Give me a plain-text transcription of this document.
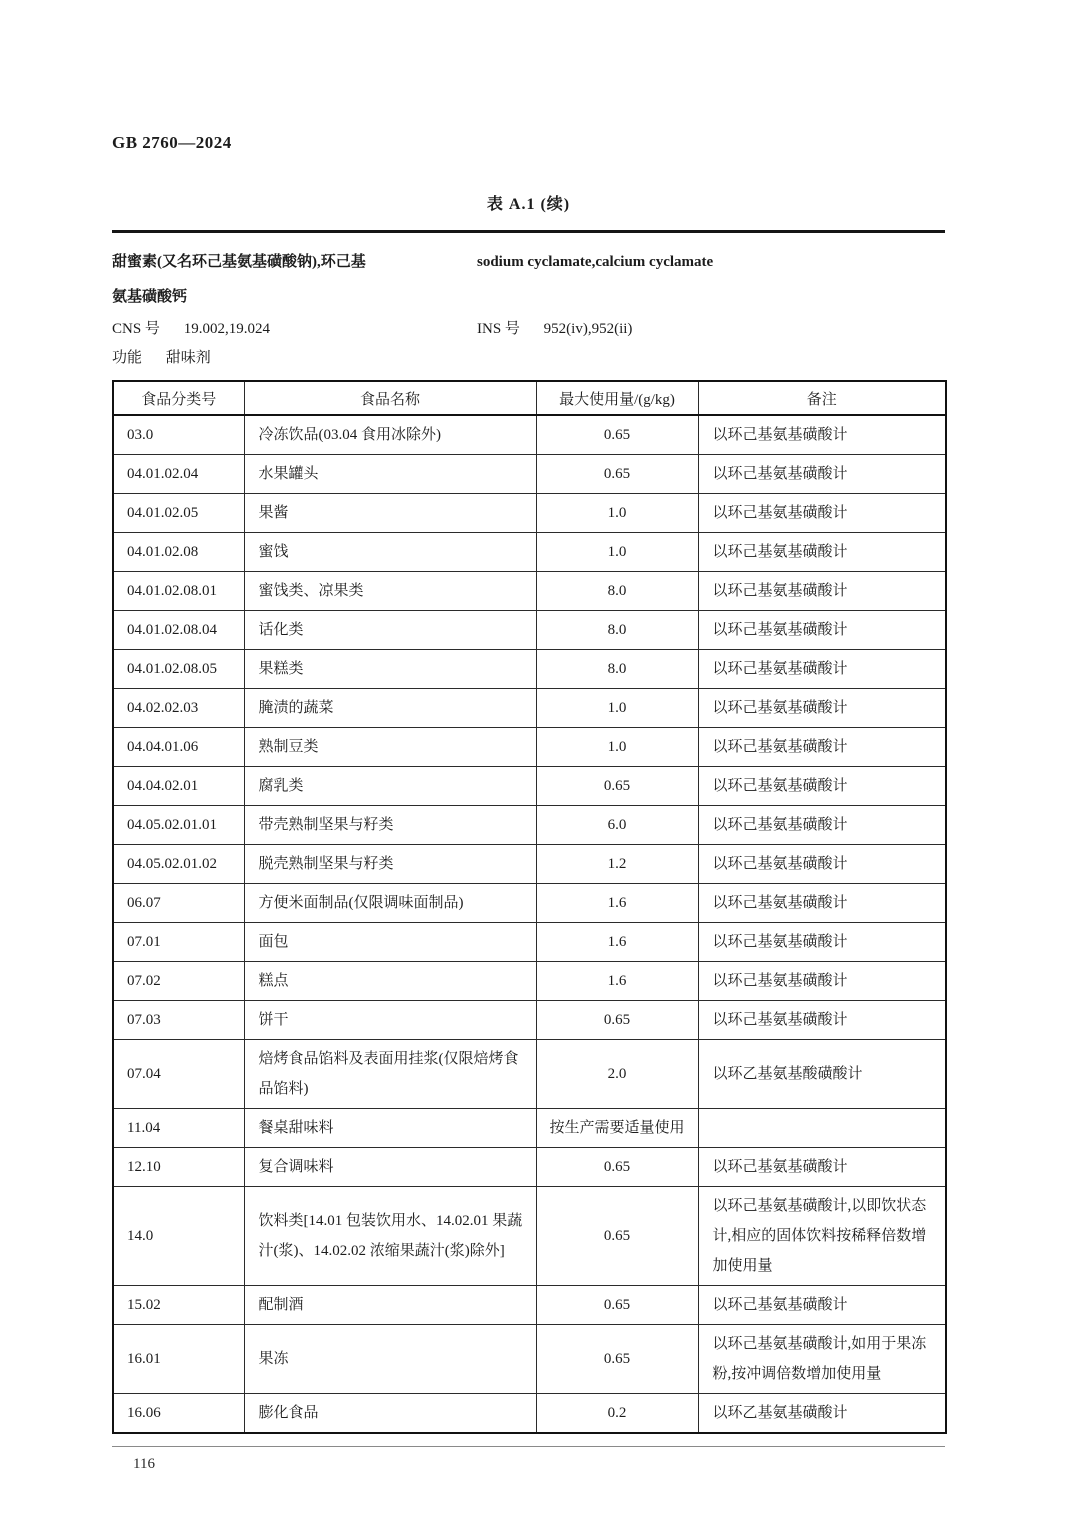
GB 2760—2024
表 A.1 (续)
甜蜜素(又名环己基氨基磺酸钠),环己基
氨基磺酸钙
sodium cyclamate,calcium cyclamate
CNS 号 19.002,19.024	INS 号 952(iv),952(ii)
功能 甜味剂
食品分类号	食品名称	最大使用量/(g/kg)	备注
03.0	冷冻饮品(03.04 食用冰除外)	0.65	以环己基氨基磺酸计
04.01.02.04	水果罐头	0.65	以环己基氨基磺酸计
04.01.02.05	果酱	1.0	以环己基氨基磺酸计
04.01.02.08	蜜饯	1.0	以环己基氨基磺酸计
04.01.02.08.01	蜜饯类、凉果类	8.0	以环己基氨基磺酸计
04.01.02.08.04	话化类	8.0	以环己基氨基磺酸计
04.01.02.08.05	果糕类	8.0	以环己基氨基磺酸计
04.02.02.03	腌渍的蔬菜	1.0	以环己基氨基磺酸计
04.04.01.06	熟制豆类	1.0	以环己基氨基磺酸计
04.04.02.01	腐乳类	0.65	以环己基氨基磺酸计
04.05.02.01.01	带壳熟制坚果与籽类	6.0	以环己基氨基磺酸计
04.05.02.01.02	脱壳熟制坚果与籽类	1.2	以环己基氨基磺酸计
06.07	方便米面制品(仅限调味面制品)	1.6	以环己基氨基磺酸计
07.01	面包	1.6	以环己基氨基磺酸计
07.02	糕点	1.6	以环己基氨基磺酸计
07.03	饼干	0.65	以环己基氨基磺酸计
07.04	焙烤食品馅料及表面用挂浆(仅限焙烤食品馅料)	2.0	以环乙基氨基酸磺酸计
11.04	餐桌甜味料	按生产需要适量使用	
12.10	复合调味料	0.65	以环己基氨基磺酸计
14.0	饮料类[14.01 包装饮用水、14.02.01 果蔬汁(浆)、14.02.02 浓缩果蔬汁(浆)除外]	0.65	以环己基氨基磺酸计,以即饮状态计,相应的固体饮料按稀释倍数增加使用量
15.02	配制酒	0.65	以环己基氨基磺酸计
16.01	果冻	0.65	以环己基氨基磺酸计,如用于果冻粉,按冲调倍数增加使用量
16.06	膨化食品	0.2	以环乙基氨基磺酸计
116
